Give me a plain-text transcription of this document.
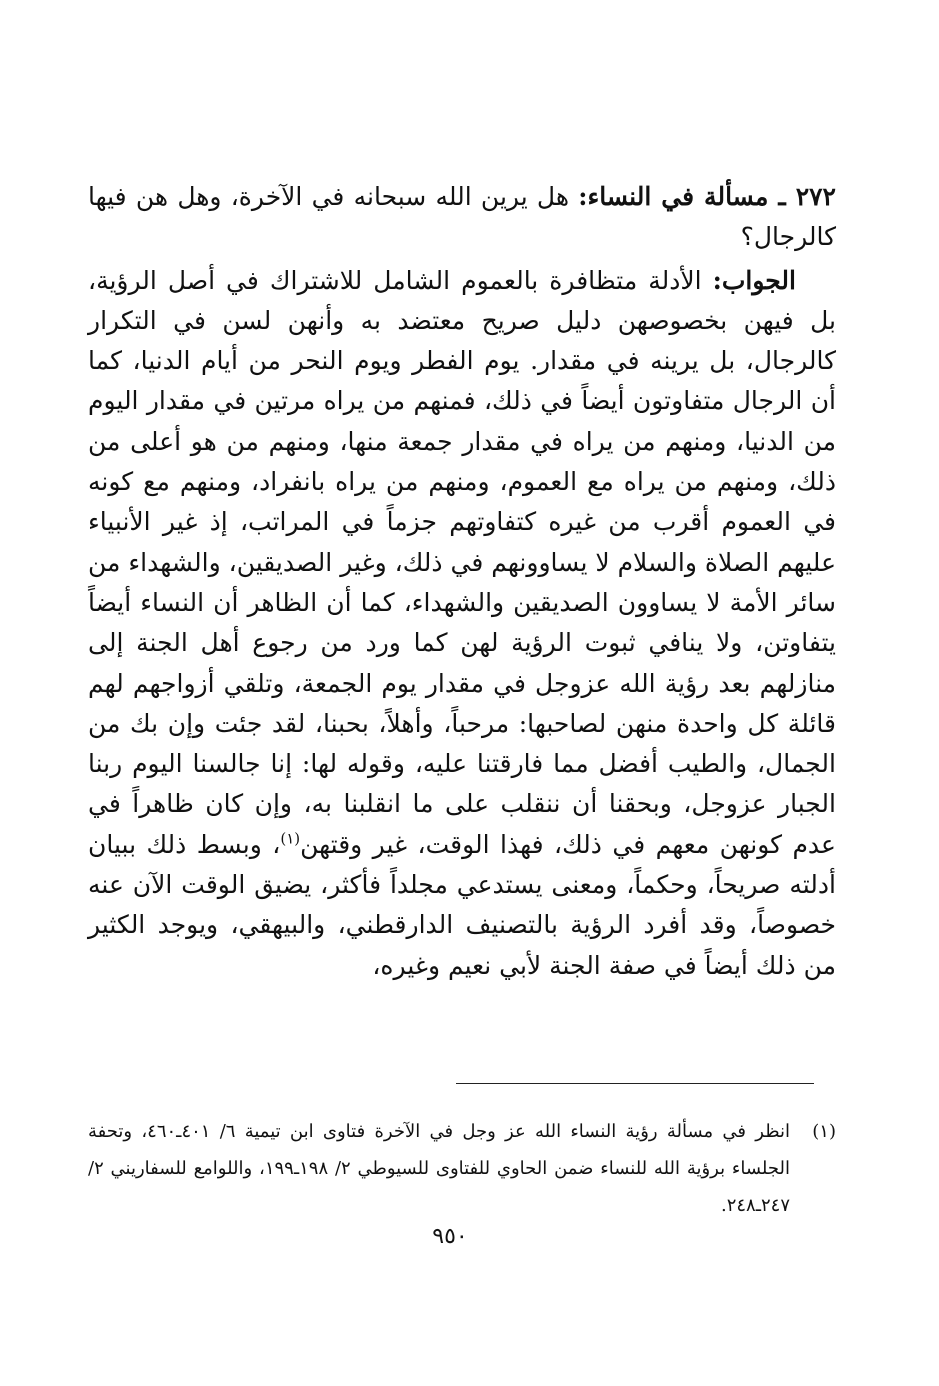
٢٧٢ ـ مسألة في النساء: هل يرين الله سبحانه في الآخرة، وهل هن فيها كالرجال؟

الجواب: الأدلة متظافرة بالعموم الشامل للاشتراك في أصل الرؤية، بل فيهن بخصوصهن دليل صريح معتضد به وأنهن لسن في التكرار كالرجال، بل يرينه في مقدار. يوم الفطر ويوم النحر من أيام الدنيا، كما أن الرجال متفاوتون أيضاً في ذلك، فمنهم من يراه مرتين في مقدار اليوم من الدنيا، ومنهم من يراه في مقدار جمعة منها، ومنهم من هو أعلى من ذلك، ومنهم من يراه مع العموم، ومنهم من يراه بانفراد، ومنهم مع كونه في العموم أقرب من غيره كتفاوتهم جزماً في المراتب، إذ غير الأنبياء عليهم الصلاة والسلام لا يساوونهم في ذلك، وغير الصديقين، والشهداء من سائر الأمة لا يساوون الصديقين والشهداء، كما أن الظاهر أن النساء أيضاً يتفاوتن، ولا ينافي ثبوت الرؤية لهن كما ورد من رجوع أهل الجنة إلى منازلهم بعد رؤية الله عزوجل في مقدار يوم الجمعة، وتلقي أزواجهم لهم قائلة كل واحدة منهن لصاحبها: مرحباً، وأهلاً، بحبنا، لقد جئت وإن بك من الجمال، والطيب أفضل مما فارقتنا عليه، وقوله لها: إنا جالسنا اليوم ربنا الجبار عزوجل، وبحقنا أن ننقلب على ما انقلبنا به، وإن كان ظاهراً في عدم كونهن معهم في ذلك، فهذا الوقت، غير وقتهن$^{(١)}$، وبسط ذلك ببيان أدلته صريحاً، وحكماً، ومعنى يستدعي مجلداً فأكثر، يضيق الوقت الآن عنه خصوصاً، وقد أفرد الرؤية بالتصنيف الدارقطني، والبيهقي، ويوجد الكثير من ذلك أيضاً في صفة الجنة لأبي نعيم وغيره،

(١)
انظر في مسألة رؤية النساء الله عز وجل في الآخرة فتاوى ابن تيمية ٦/ ٤٠١ـ٤٦٠، وتحفة الجلساء برؤية الله للنساء ضمن الحاوي للفتاوى للسيوطي ٢/ ١٩٨ـ١٩٩، واللوامع للسفاريني ٢/ ٢٤٧ـ٢٤٨.
٩٥٠
